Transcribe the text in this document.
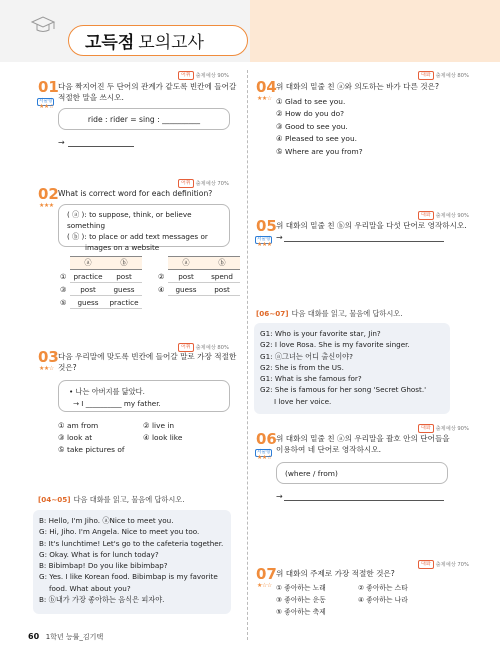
고득점 모의고사
어휘 출제예상 90%
01
서술형
★★☆
다음 짝지어진 두 단어의 관계가 같도록 빈칸에 들어갈
적절한 말을 쓰시오.
ride : rider = sing : __________
→
어휘 출제예상 70%
02
★★★
What is correct word for each definition?
( ⓐ ): to suppose, think, or believe something
( ⓑ ): to place or add text messages or
images on a website
	ⓐ	ⓑ
①	practice	post
③	post	guess
⑤	guess	practice
	ⓐ	ⓑ
②	post	spend
④	guess	post
어휘 출제예상 80%
03
★★☆
다음 우리말에 맞도록 빈칸에 들어갈 말로 가장 적절한
것은?
• 나는 아버지를 닮았다.
→ I __________ my father.
① am from	② live in
③ look at	④ look like
⑤ take pictures of
[04~05] 다음 대화를 읽고, 물음에 답하시오.
B: Hello, I'm Jiho. ⓐNice to meet you.
G: Hi, Jiho. I'm Angela. Nice to meet you too.
B: It's lunchtime! Let's go to the cafeteria together.
G: Okay. What is for lunch today?
B: Bibimbap! Do you like bibimbap?
G: Yes. I like Korean food. Bibimbap is my favorite
food. What about you?
B: ⓑ내가 가장 좋아하는 음식은 피자야.
대화 출제예상 80%
04
★★☆
위 대화의 밑줄 친 ⓐ와 의도하는 바가 다른 것은?
① Glad to see you.
② How do you do?
③ Good to see you.
④ Pleased to see you.
⑤ Where are you from?
대화 출제예상 90%
05
서술형
★★★
위 대화의 밑줄 친 ⓑ의 우리말을 다섯 단어로 영작하시오.
→
[06~07] 다음 대화를 읽고, 물음에 답하시오.
G1: Who is your favorite star, Jin?
G2: I love Rosa. She is my favorite singer.
G1: ⓐ그녀는 어디 출신이야?
G2: She is from the US.
G1: What is she famous for?
G2: She is famous for her song 'Secret Ghost.'
I love her voice.
대화 출제예상 90%
06
서술형
★★☆
위 대화의 밑줄 친 ⓐ의 우리말을 괄호 안의 단어들을
이용하여 네 단어로 영작하시오.
(where / from)
→
대화 출제예상 70%
07
★☆☆
위 대화의 주제로 가장 적절한 것은?
① 좋아하는 노래	② 좋아하는 스타
③ 좋아하는 운동	④ 좋아하는 나라
⑤ 좋아하는 축제
60 1학년 능률_김기택
